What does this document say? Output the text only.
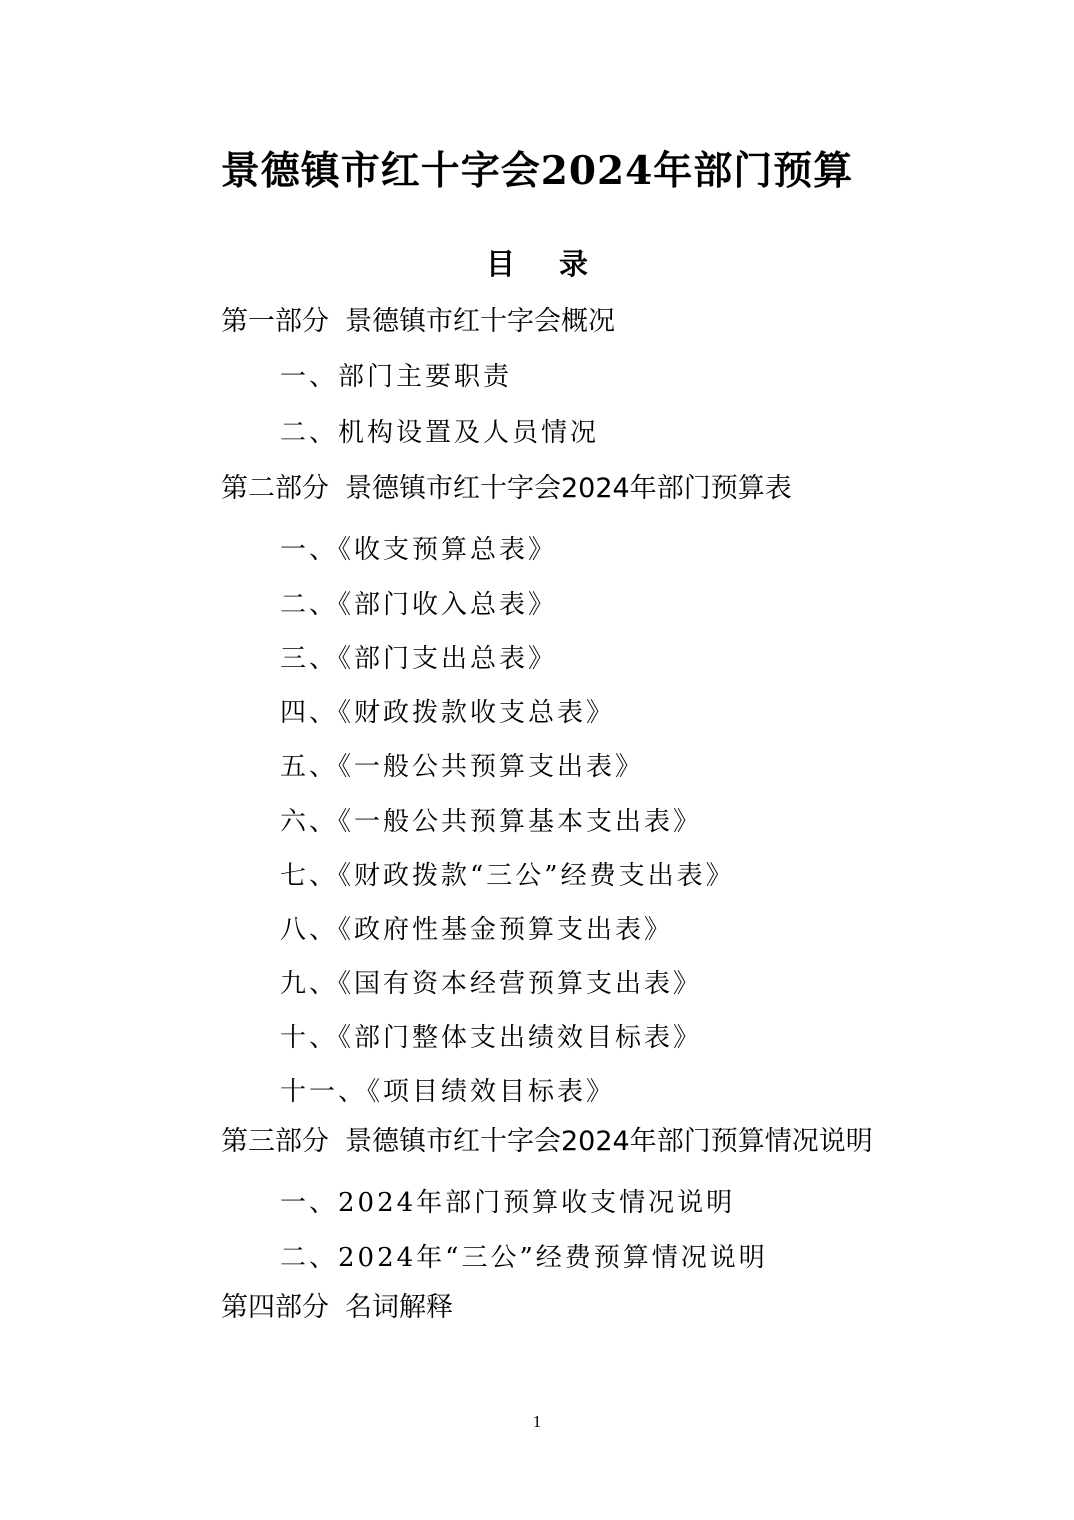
景德镇市红十字会2024年部门预算
目 录
第一部分 景德镇市红十字会概况
一、部门主要职责
二、机构设置及人员情况
第二部分 景德镇市红十字会2024年部门预算表
一、《收支预算总表》
二、《部门收入总表》
三、《部门支出总表》
四、《财政拨款收支总表》
五、《一般公共预算支出表》
六、《一般公共预算基本支出表》
七、《财政拨款“三公”经费支出表》
八、《政府性基金预算支出表》
九、《国有资本经营预算支出表》
十、《部门整体支出绩效目标表》
十一、《项目绩效目标表》
第三部分 景德镇市红十字会2024年部门预算情况说明
一、2024年部门预算收支情况说明
二、2024年“三公”经费预算情况说明
第四部分 名词解释
1
